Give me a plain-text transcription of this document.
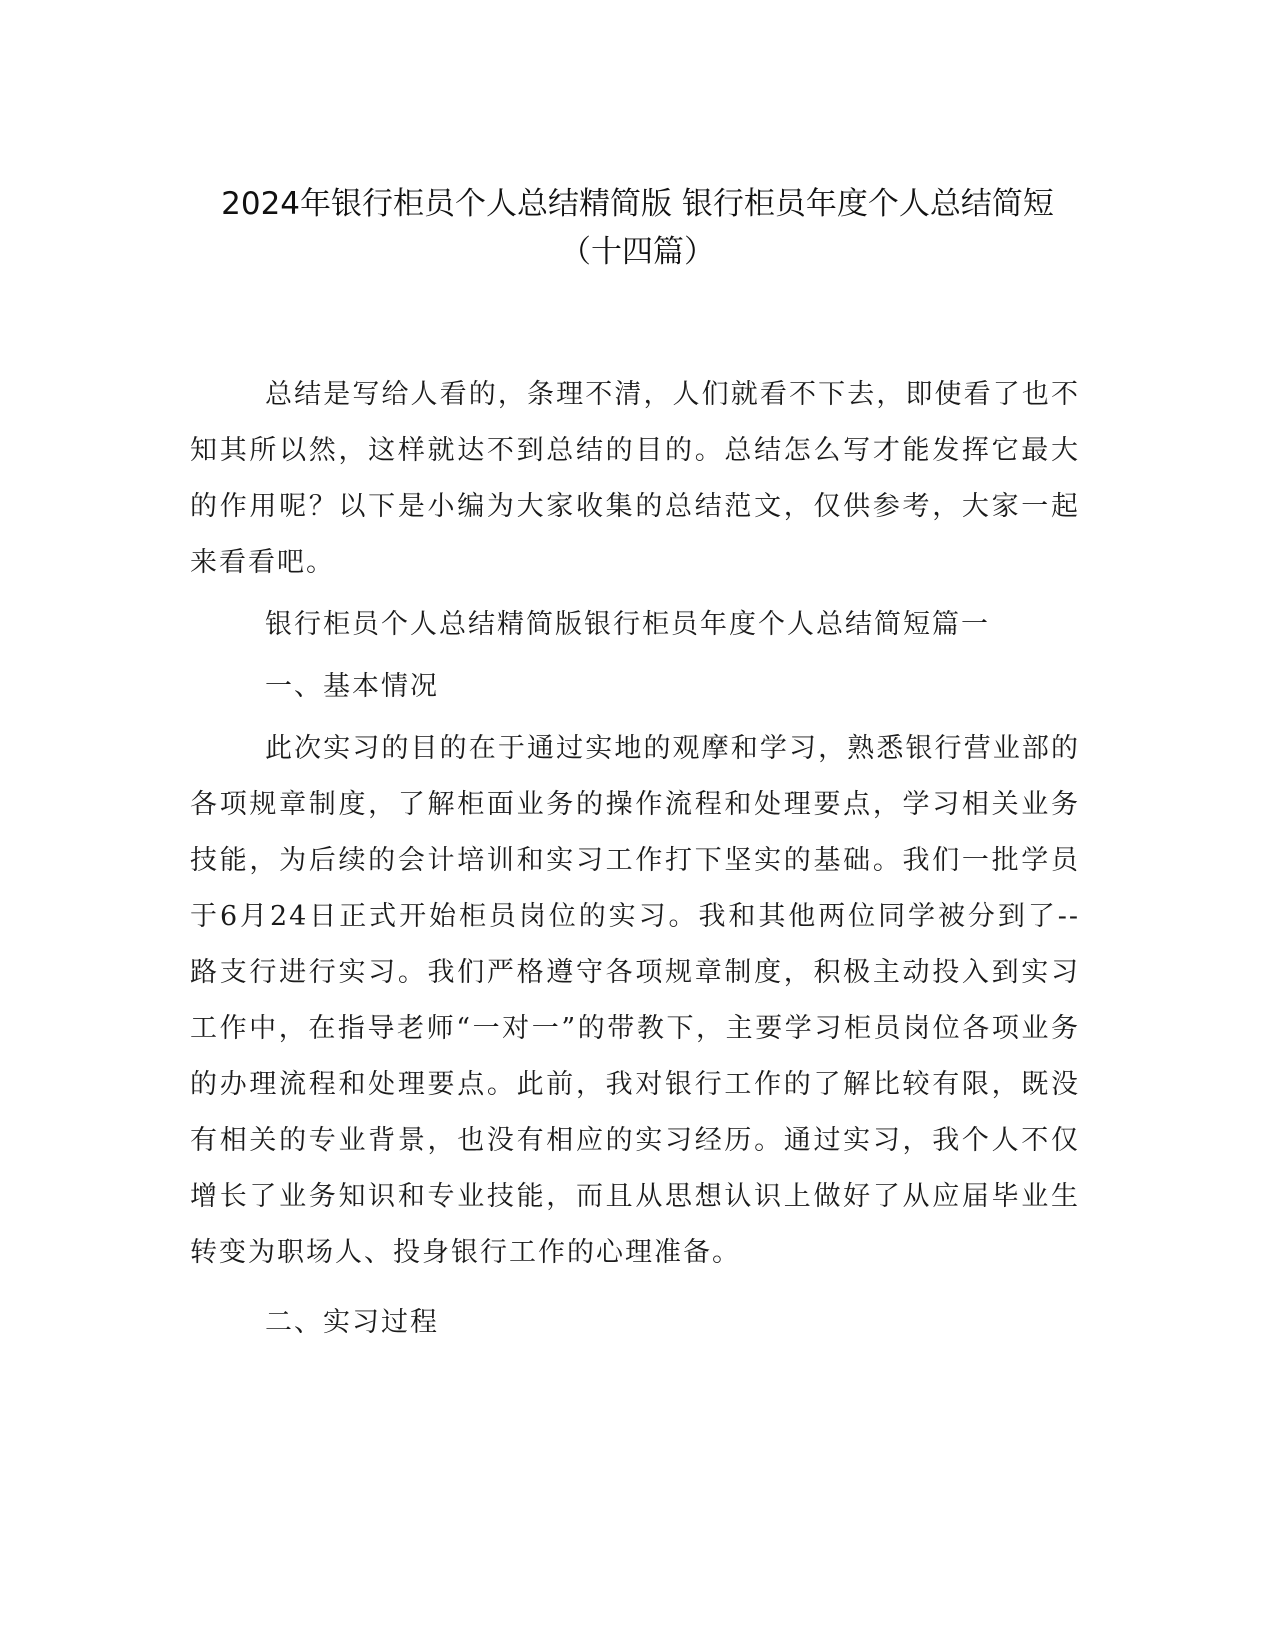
2024年银行柜员个人总结精简版 银行柜员年度个人总结简短
（十四篇）

总结是写给人看的，条理不清，人们就看不下去，即使看了也不知其所以然，这样就达不到总结的目的。总结怎么写才能发挥它最大的作用呢？以下是小编为大家收集的总结范文，仅供参考，大家一起来看看吧。

银行柜员个人总结精简版银行柜员年度个人总结简短篇一

一、基本情况

此次实习的目的在于通过实地的观摩和学习，熟悉银行营业部的各项规章制度，了解柜面业务的操作流程和处理要点，学习相关业务技能，为后续的会计培训和实习工作打下坚实的基础。我们一批学员于6月24日正式开始柜员岗位的实习。我和其他两位同学被分到了--路支行进行实习。我们严格遵守各项规章制度，积极主动投入到实习工作中，在指导老师“一对一”的带教下，主要学习柜员岗位各项业务的办理流程和处理要点。此前，我对银行工作的了解比较有限，既没有相关的专业背景，也没有相应的实习经历。通过实习，我个人不仅增长了业务知识和专业技能，而且从思想认识上做好了从应届毕业生转变为职场人、投身银行工作的心理准备。

二、实习过程
